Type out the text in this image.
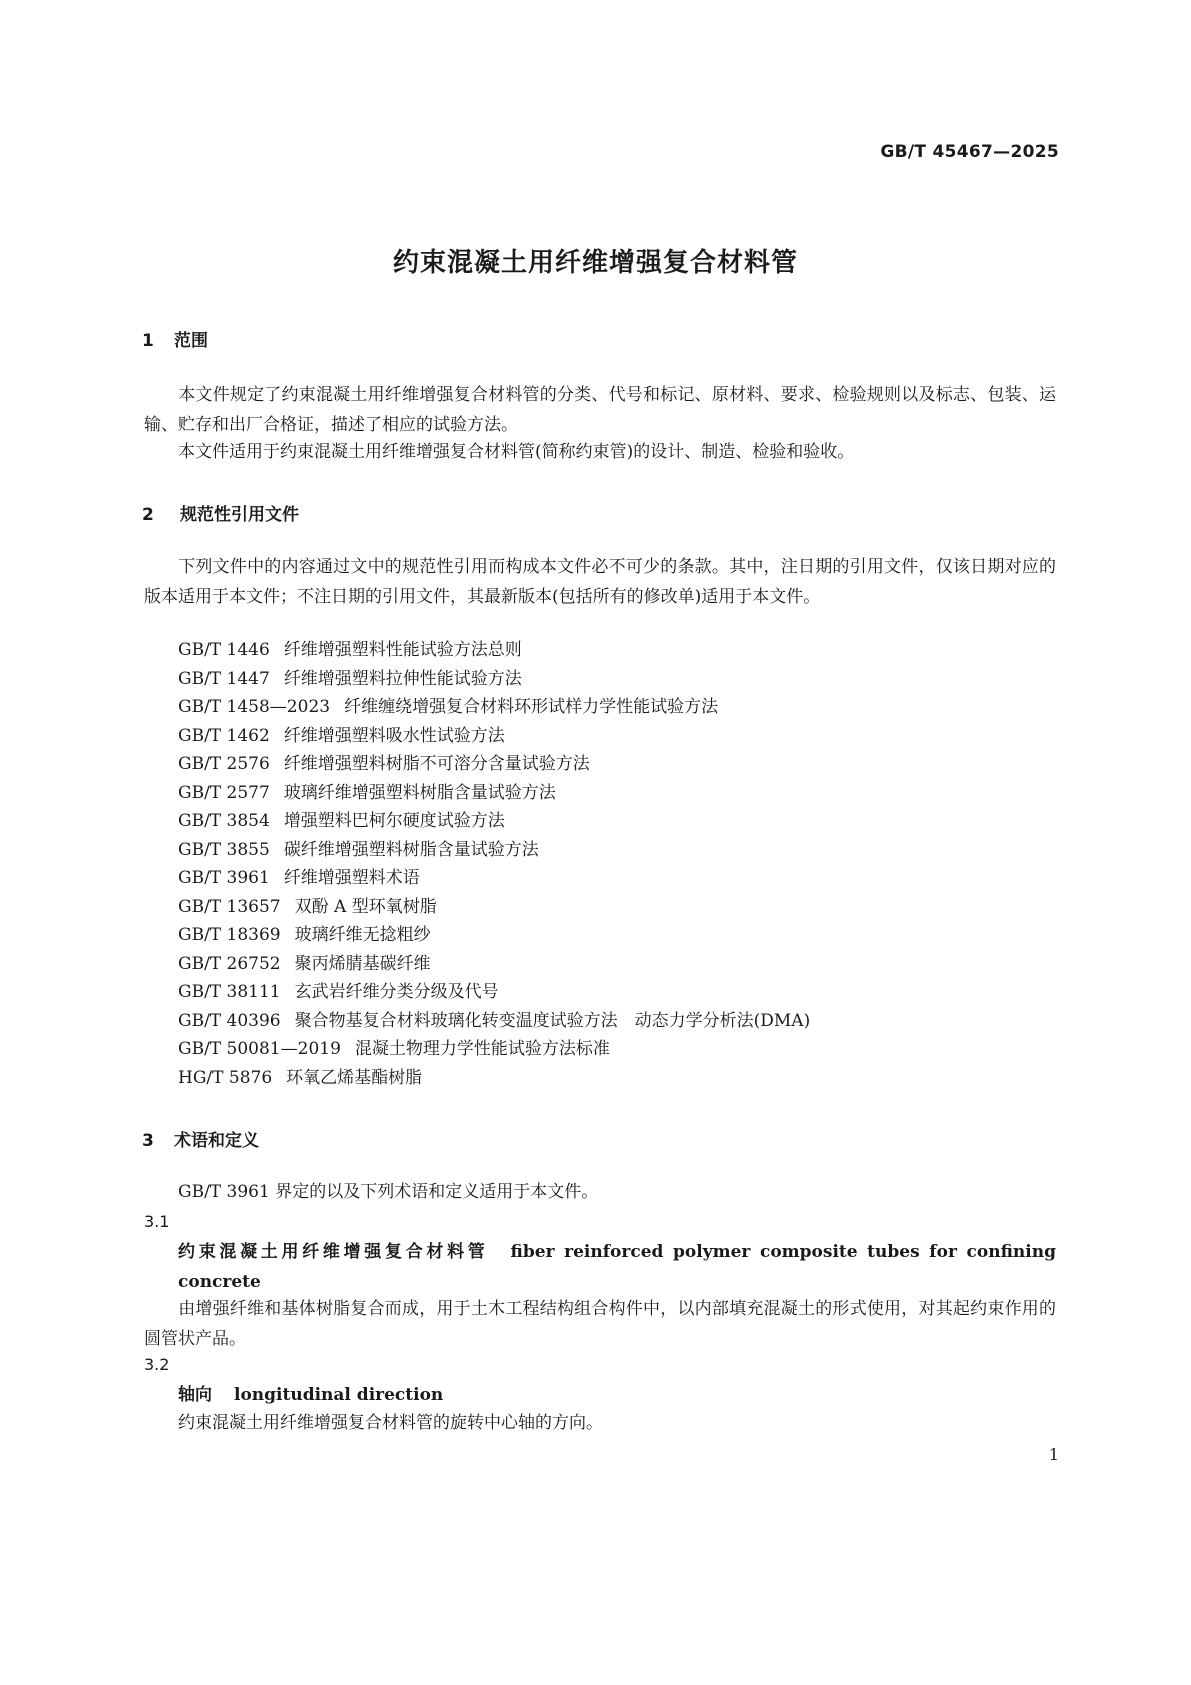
GB/T 45467—2025
约束混凝土用纤维增强复合材料管
1 范围
本文件规定了约束混凝土用纤维增强复合材料管的分类、代号和标记、原材料、要求、检验规则以及标志、包装、运输、贮存和出厂合格证，描述了相应的试验方法。
本文件适用于约束混凝土用纤维增强复合材料管(简称约束管)的设计、制造、检验和验收。
2 规范性引用文件
下列文件中的内容通过文中的规范性引用而构成本文件必不可少的条款。其中，注日期的引用文件，仅该日期对应的版本适用于本文件；不注日期的引用文件，其最新版本(包括所有的修改单)适用于本文件。
GB/T 1446 纤维增强塑料性能试验方法总则
GB/T 1447 纤维增强塑料拉伸性能试验方法
GB/T 1458—2023 纤维缠绕增强复合材料环形试样力学性能试验方法
GB/T 1462 纤维增强塑料吸水性试验方法
GB/T 2576 纤维增强塑料树脂不可溶分含量试验方法
GB/T 2577 玻璃纤维增强塑料树脂含量试验方法
GB/T 3854 增强塑料巴柯尔硬度试验方法
GB/T 3855 碳纤维增强塑料树脂含量试验方法
GB/T 3961 纤维增强塑料术语
GB/T 13657 双酚 A 型环氧树脂
GB/T 18369 玻璃纤维无捻粗纱
GB/T 26752 聚丙烯腈基碳纤维
GB/T 38111 玄武岩纤维分类分级及代号
GB/T 40396 聚合物基复合材料玻璃化转变温度试验方法　动态力学分析法(DMA)
GB/T 50081—2019 混凝土物理力学性能试验方法标准
HG/T 5876 环氧乙烯基酯树脂
3 术语和定义
GB/T 3961 界定的以及下列术语和定义适用于本文件。
3.1
约束混凝土用纤维增强复合材料管 fiber reinforced polymer composite tubes for confining concrete
由增强纤维和基体树脂复合而成，用于土木工程结构组合构件中，以内部填充混凝土的形式使用，对其起约束作用的圆管状产品。
3.2
轴向 longitudinal direction
约束混凝土用纤维增强复合材料管的旋转中心轴的方向。
1
